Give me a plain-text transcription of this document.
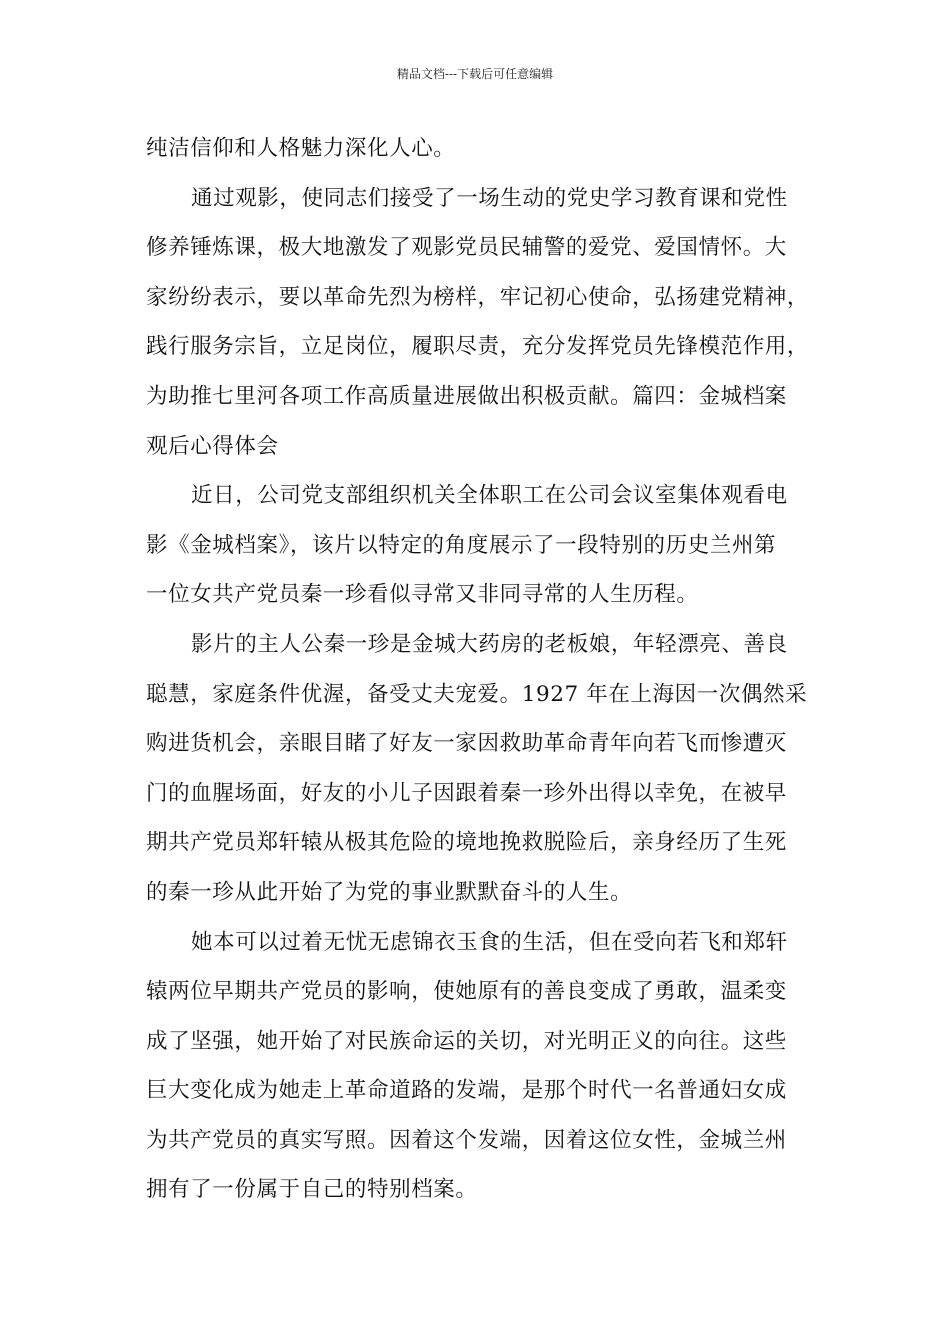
精品文档---下载后可任意编辑
纯洁信仰和人格魅力深化人心。
通过观影，使同志们接受了一场生动的党史学习教育课和党性
修养锤炼课，极大地激发了观影党员民辅警的爱党、爱国情怀。大
家纷纷表示，要以革命先烈为榜样，牢记初心使命，弘扬建党精神，
践行服务宗旨，立足岗位，履职尽责，充分发挥党员先锋模范作用，
为助推七里河各项工作高质量进展做出积极贡献。篇四：金城档案
观后心得体会
近日，公司党支部组织机关全体职工在公司会议室集体观看电
影《金城档案》，该片以特定的角度展示了一段特别的历史兰州第
一位女共产党员秦一珍看似寻常又非同寻常的人生历程。
影片的主人公秦一珍是金城大药房的老板娘，年轻漂亮、善良
聪慧，家庭条件优渥，备受丈夫宠爱。1927 年在上海因一次偶然采
购进货机会，亲眼目睹了好友一家因救助革命青年向若飞而惨遭灭
门的血腥场面，好友的小儿子因跟着秦一珍外出得以幸免，在被早
期共产党员郑轩辕从极其危险的境地挽救脱险后，亲身经历了生死
的秦一珍从此开始了为党的事业默默奋斗的人生。
她本可以过着无忧无虑锦衣玉食的生活，但在受向若飞和郑轩
辕两位早期共产党员的影响，使她原有的善良变成了勇敢，温柔变
成了坚强，她开始了对民族命运的关切，对光明正义的向往。这些
巨大变化成为她走上革命道路的发端，是那个时代一名普通妇女成
为共产党员的真实写照。因着这个发端，因着这位女性，金城兰州
拥有了一份属于自己的特别档案。
